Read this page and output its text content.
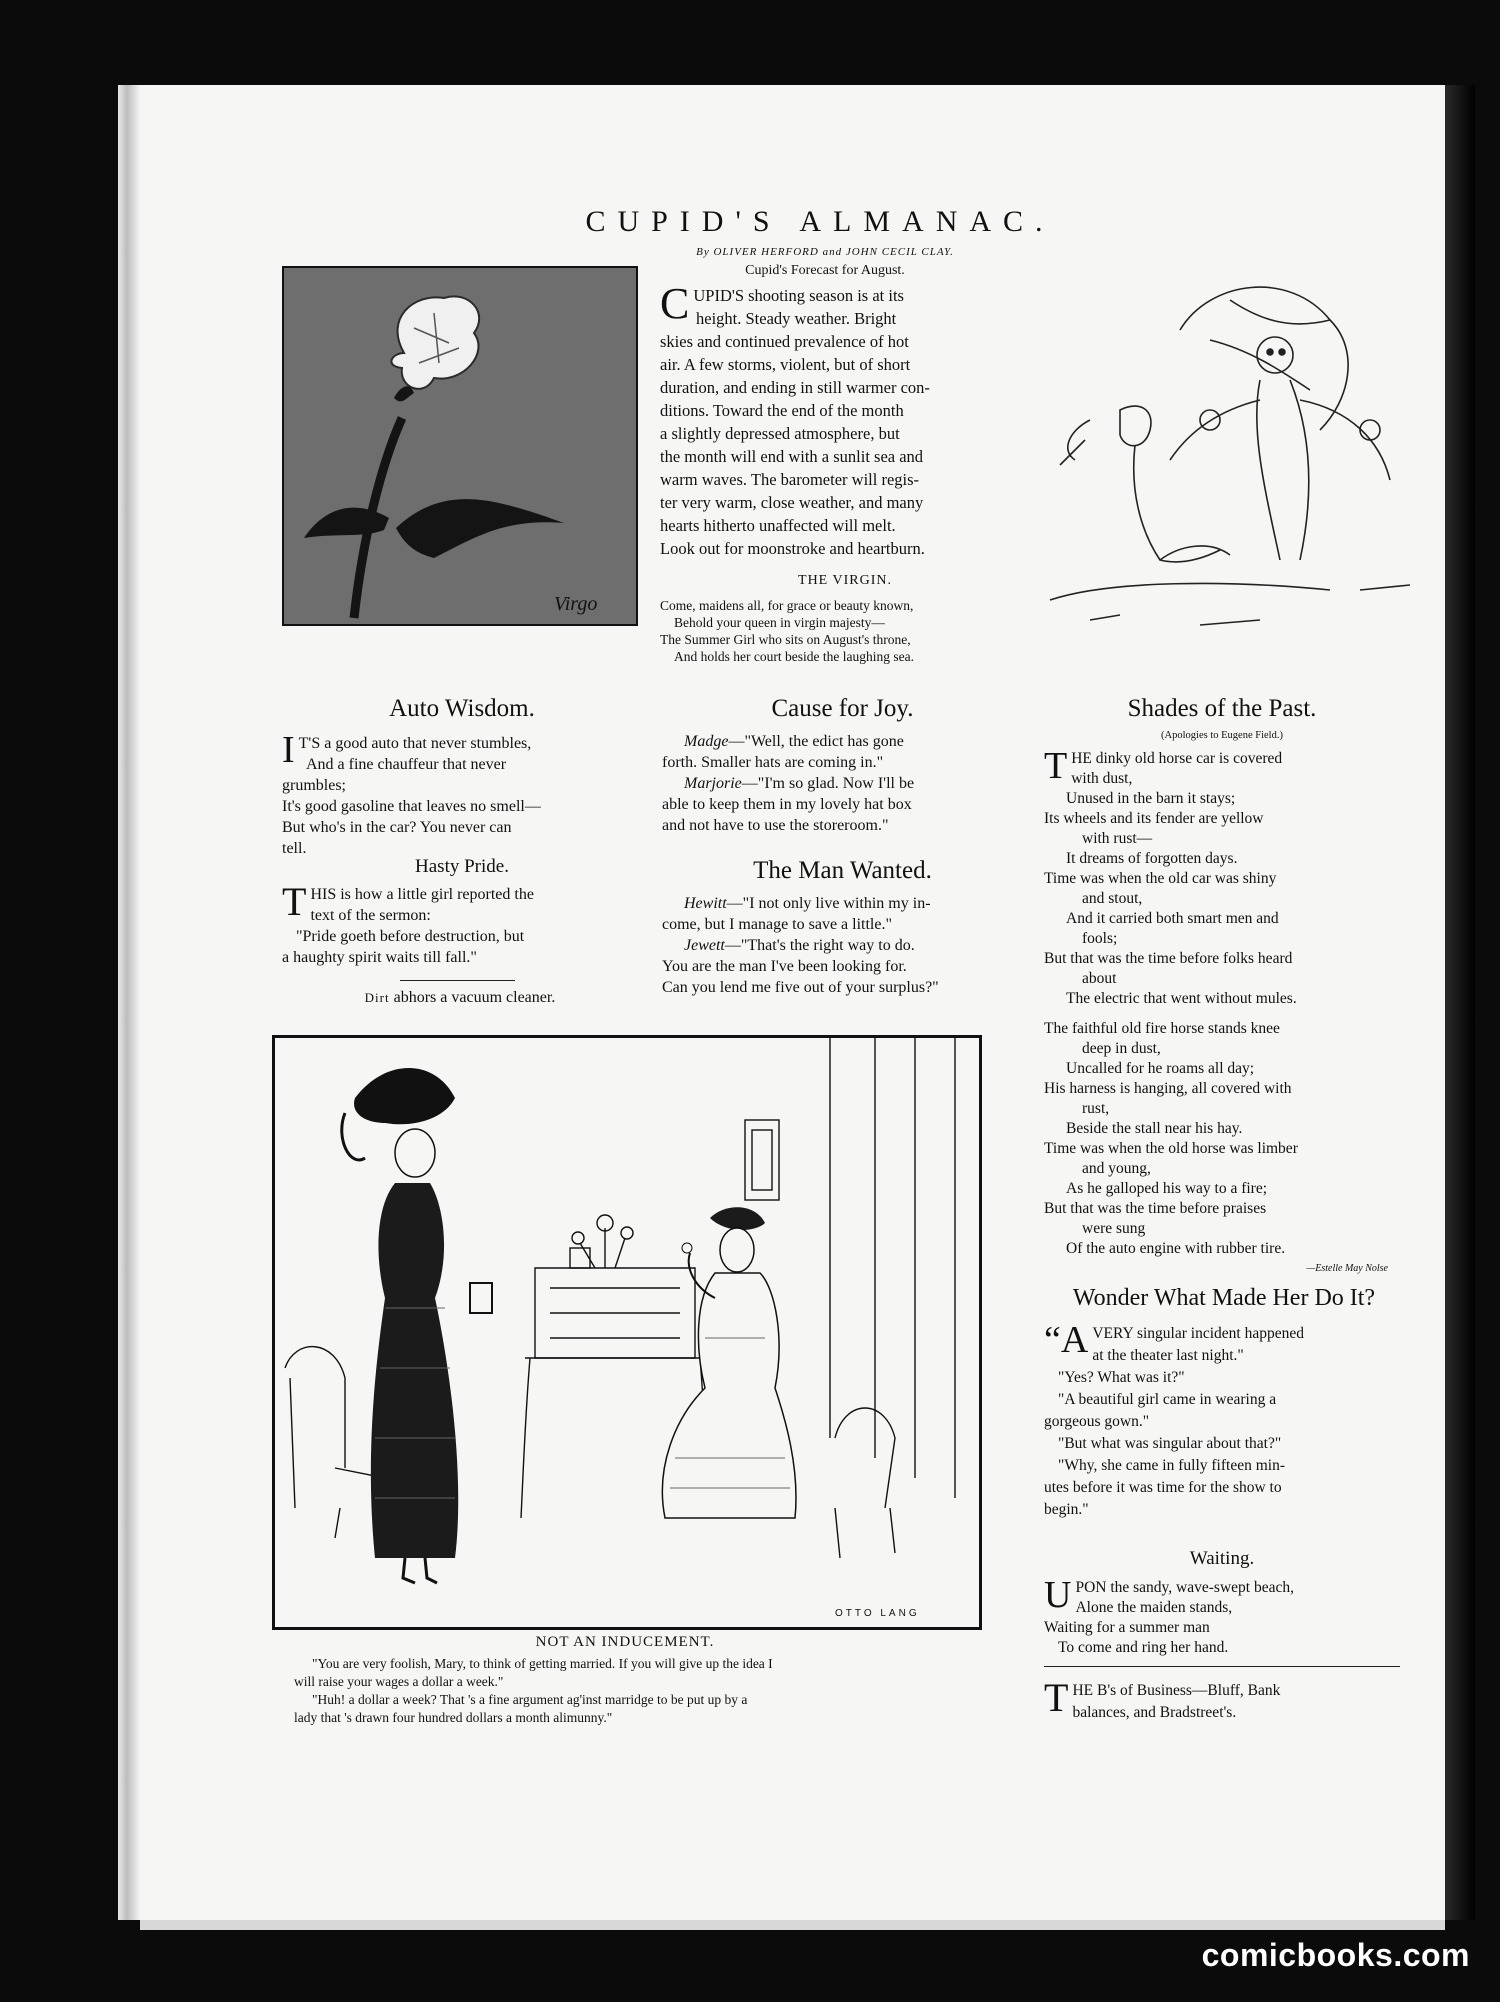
CUPID'S ALMANAC.
By OLIVER HERFORD and JOHN CECIL CLAY.
Cupid's Forecast for August.
Virgo
C UPID'S shooting season is at its
height. Steady weather. Bright
skies and continued prevalence of hot
air. A few storms, violent, but of short
duration, and ending in still warmer con-
ditions. Toward the end of the month
a slightly depressed atmosphere, but
the month will end with a sunlit sea and
warm waves. The barometer will regis-
ter very warm, close weather, and many
hearts hitherto unaffected will melt.
Look out for moonstroke and heartburn.
THE VIRGIN.
Come, maidens all, for grace or beauty known,
Behold your queen in virgin majesty—
The Summer Girl who sits on August's throne,
And holds her court beside the laughing sea.
Auto Wisdom.
I T'S a good auto that never stumbles,
And a fine chauffeur that never
grumbles;
It's good gasoline that leaves no smell—
But who's in the car? You never can
tell.
Hasty Pride.
T HIS is how a little girl reported the
text of the sermon:
"Pride goeth before destruction, but
a haughty spirit waits till fall."
Dirt abhors a vacuum cleaner.
Cause for Joy.
Madge—"Well, the edict has gone
forth. Smaller hats are coming in."
Marjorie—"I'm so glad. Now I'll be
able to keep them in my lovely hat box
and not have to use the storeroom."
The Man Wanted.
Hewitt—"I not only live within my in-
come, but I manage to save a little."
Jewett—"That's the right way to do.
You are the man I've been looking for.
Can you lend me five out of your surplus?"
Shades of the Past.
(Apologies to Eugene Field.)
T HE dinky old horse car is covered
with dust,
Unused in the barn it stays;
Its wheels and its fender are yellow
with rust—
It dreams of forgotten days.
Time was when the old car was shiny
and stout,
And it carried both smart men and
fools;
But that was the time before folks heard
about
The electric that went without mules.
The faithful old fire horse stands knee
deep in dust,
Uncalled for he roams all day;
His harness is hanging, all covered with
rust,
Beside the stall near his hay.
Time was when the old horse was limber
and young,
As he galloped his way to a fire;
But that was the time before praises
were sung
Of the auto engine with rubber tire.
—Estelle May Nolse
Wonder What Made Her Do It?
“A VERY singular incident happened
at the theater last night."
"Yes? What was it?"
"A beautiful girl came in wearing a
gorgeous gown."
"But what was singular about that?"
"Why, she came in fully fifteen min-
utes before it was time for the show to
begin."
Waiting.
U PON the sandy, wave-swept beach,
Alone the maiden stands,
Waiting for a summer man
To come and ring her hand.
T HE B's of Business—Bluff, Bank
balances, and Bradstreet's.
OTTO LANG
NOT AN INDUCEMENT.

"You are very foolish, Mary, to think of getting married. If you will give up the idea I

will raise your wages a dollar a week."

"Huh! a dollar a week? That 's a fine argument ag'inst marridge to be put up by a

lady that 's drawn four hundred dollars a month alimunny."

comicbooks.com
